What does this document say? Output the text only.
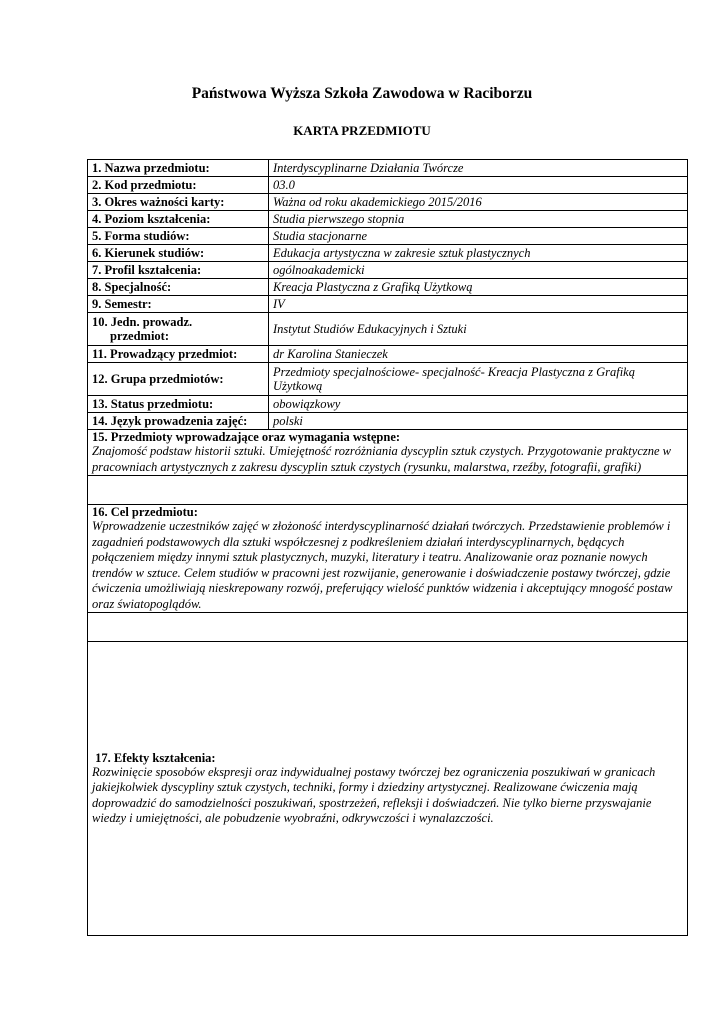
Państwowa Wyższa Szkoła Zawodowa w Raciborzu
KARTA PRZEDMIOTU
1. Nazwa przedmiotu:	Interdyscyplinarne Działania Twórcze
2. Kod przedmiotu:	03.0
3. Okres ważności karty:	Ważna od roku akademickiego 2015/2016
4. Poziom kształcenia:	Studia pierwszego stopnia
5. Forma studiów:	Studia stacjonarne
6. Kierunek studiów:	Edukacja artystyczna w zakresie sztuk plastycznych
7. Profil kształcenia:	ogólnoakademicki
8. Specjalność:	Kreacja Plastyczna z Grafiką Użytkową
9. Semestr:	IV
10. Jedn. prowadz.
przedmiot:	Instytut Studiów Edukacyjnych i Sztuki
11. Prowadzący przedmiot:	dr Karolina Stanieczek
12. Grupa przedmiotów:	Przedmioty specjalnościowe- specjalność- Kreacja Plastyczna z Grafiką Użytkową
13. Status przedmiotu:	obowiązkowy
14. Język prowadzenia zajęć:	polski

15. Przedmioty wprowadzające oraz wymagania wstępne:
Znajomość podstaw historii sztuki. Umiejętność rozróżniania dyscyplin sztuk czystych. Przygotowanie praktyczne w pracowniach artystycznych z zakresu dyscyplin sztuk czystych (rysunku, malarstwa, rzeźby, fotografii, grafiki)	

16. Cel przedmiotu:
Wprowadzenie uczestników zajęć w złożoność interdyscyplinarność działań twórczych. Przedstawienie problemów i zagadnień podstawowych dla sztuki współczesnej z podkreśleniem działań interdyscyplinarnych, będących połączeniem między innymi sztuk plastycznych, muzyki, literatury i teatru. Analizowanie oraz poznanie nowych trendów w sztuce. Celem studiów w pracowni jest rozwijanie, generowanie i doświadczenie postawy twórczej, gdzie ćwiczenia umożliwiają nieskrepowany rozwój, preferujący wielość punktów widzenia i akceptujący mnogość postaw oraz światopoglądów.	

17. Efekty kształcenia:
Rozwinięcie sposobów ekspresji oraz indywidualnej postawy twórczej bez ograniczenia poszukiwań w granicach jakiejkolwiek dyscypliny sztuk czystych, techniki, formy i dziedziny artystycznej. Realizowane ćwiczenia mają doprowadzić do samodzielności poszukiwań, spostrzeżeń, refleksji i doświadczeń. Nie tylko bierne przyswajanie wiedzy i umiejętności, ale pobudzenie wyobraźni, odkrywczości i wynalazczości.	
